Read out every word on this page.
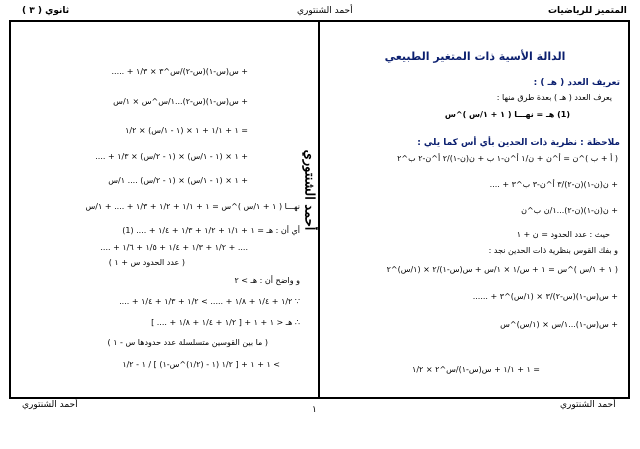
( ٣ ) ثانوي	أحمد الشنتوري	المتميز للرياضيات
الدالة الأسية ذات المتغير الطبيعي
تعريف العدد ( هـ ) :
يعرف العدد ( هـ ) بعدة طرق منها :
(1) هـ = نهـــا ( ١ + ١/س )^س
ملاحظة : نظرية ذات الحدين بأي أس كما يلي :
( أ + ب )^ن = أ^ن + ن/١ أ^ن-١ ب + ن(ن-١)/٢ أ^ن-٢ ب^٢
+ ن(ن-١)(ن-٢)/٣ أ^ن-٣ ب^٣ + ....
+ ن(ن-١)(ن-٢)...١/ن ب^ن
حيث : عدد الحدود = ن + ١
و بفك القوس بنظرية ذات الحدين نجد :
( ١ + ١/س )^س = ١ + س/١ × ١/س + س(س-١)/٢ × (١/س)^٢
+ س(س-١)(س-٢)/٣ × (١/س)^٣ + ......
+ س(س-١)...١/س × (١/س)^س
= ١ + ١/١ + س(س-١)/س^٢ × ١/٢
+ س(س-١)(س-٢)/س^٣ × ١/٣ + .....
+ س(س-١)(س-٢)...١/س^س × ١/س
= ١ + ١/١ + ١ × (١ - ١/س) × ١/٢
+ ١ × (١ - ١/س) × (١ - ٢/س) × ١/٣ + ....
+ ١ × (١ - ١/س) × (١ - ٢/س) .... ١/س
نهـــا ( ١ + ١/س )^س = ١ + ١/١ + ١/٢ + ١/٣ + .... + ١/س
أي أن : هـ = ١ + ١/١ + ١/٢ + ١/٣ + ١/٤ + .... (1)
.... + ١/٢ + ١/٣ + ١/٤ + ١/٥ + ١/٦ + ....
( عدد الحدود س + ١ )
و واضح أن : هـ > ٢
∵ ١/٢ + ١/٤ + ١/٨ + ..... > ١/٢ + ١/٣ + ١/٤ + ....
∴ هـ < ١ + ١ + [ ١/٢ + ١/٤ + ١/٨ + .... ]
( ما بين القوسين متسلسلة عدد حدودها س - ١ )
> ١ + ١ + [ ١/٢ (١ - (١/٢)^س-١) ] / ١ - ١/٢
أحمد الشنتوري
١
أحمد الشنتوري	أحمد الشنتوري
